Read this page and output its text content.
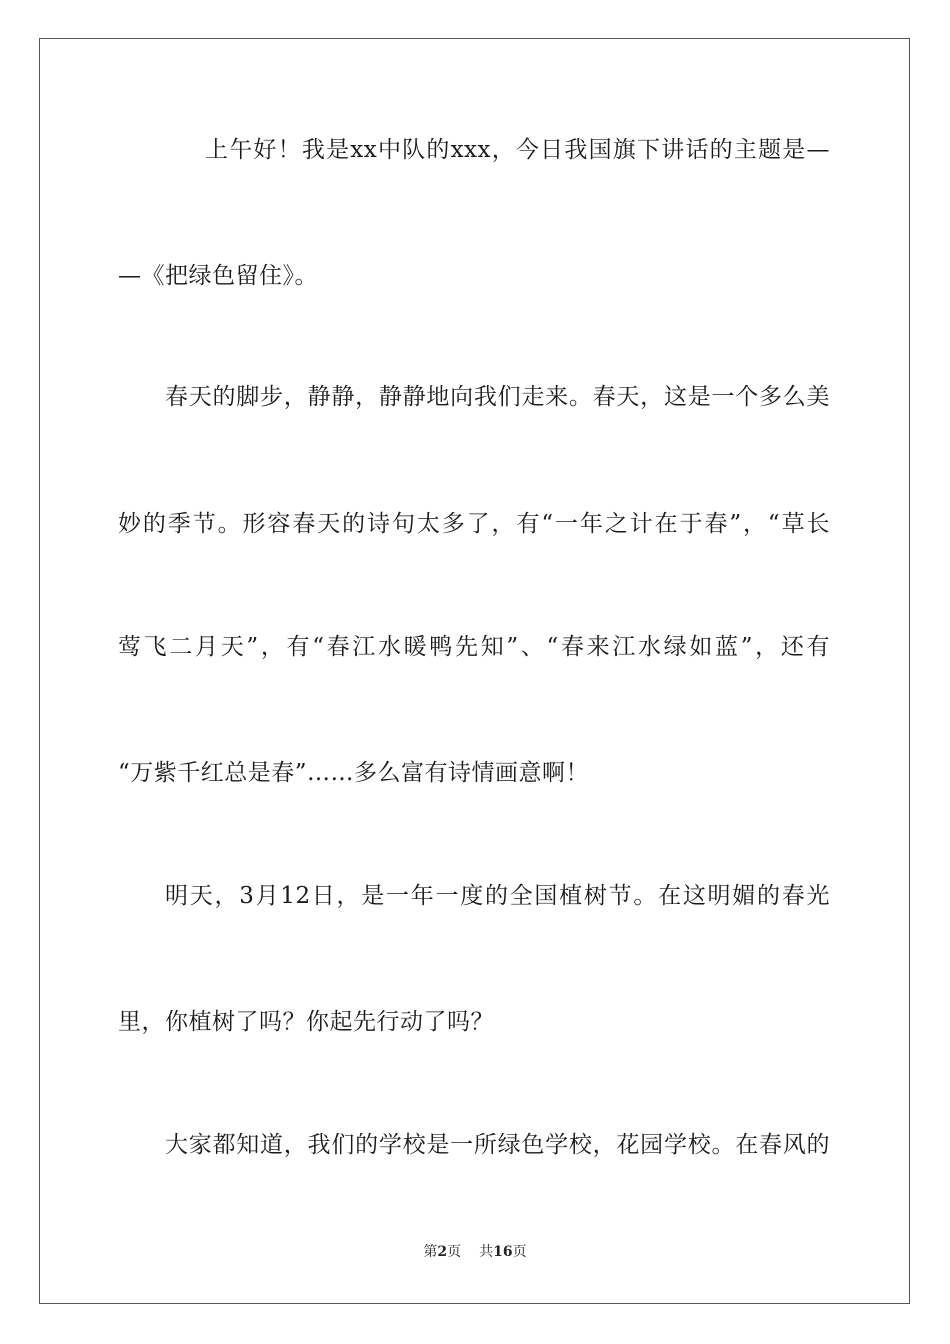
上午好！我是xx中队的xxx，今日我国旗下讲话的主题是—
—《把绿色留住》。
春天的脚步，静静，静静地向我们走来。春天，这是一个多么美
妙的季节。形容春天的诗句太多了，有“一年之计在于春”，“草长
莺飞二月天”，有“春江水暖鸭先知”、“春来江水绿如蓝”，还有
“万紫千红总是春”……多么富有诗情画意啊！
明天，3月12日，是一年一度的全国植树节。在这明媚的春光
里，你植树了吗？你起先行动了吗？
大家都知道，我们的学校是一所绿色学校，花园学校。在春风的
第2页 共16页
